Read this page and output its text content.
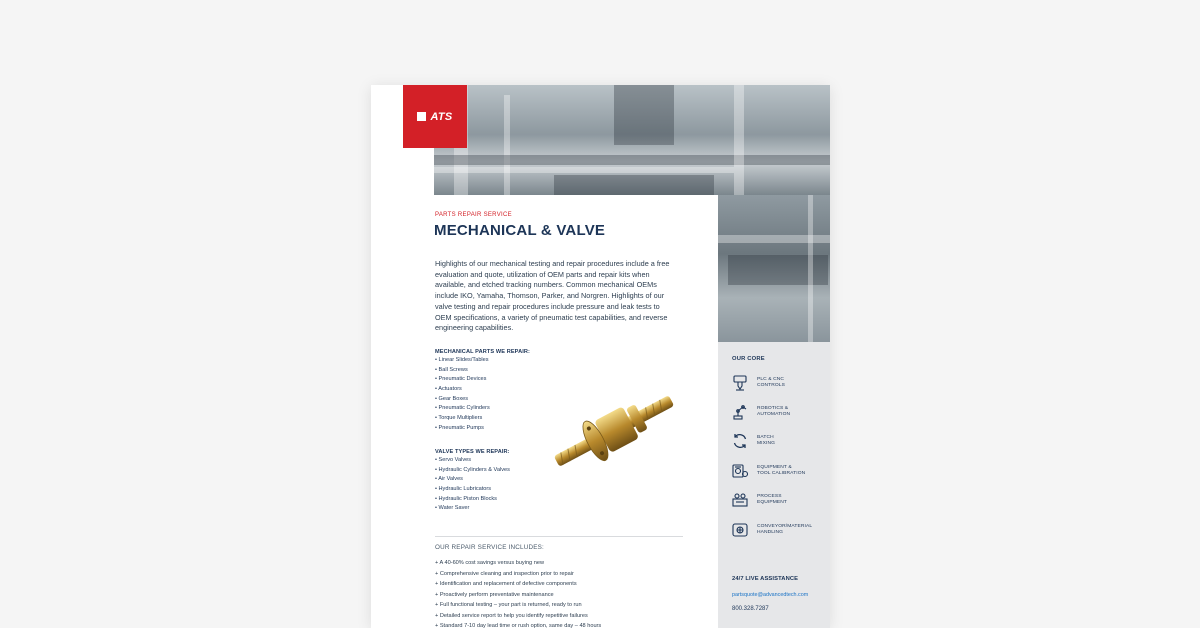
ATS
PARTS REPAIR SERVICE
MECHANICAL & VALVE
Highlights of our mechanical testing and repair procedures include a free evaluation and quote, utilization of OEM parts and repair kits when available, and etched tracking numbers. Common mechanical OEMs include IKO, Yamaha, Thomson, Parker, and Norgren. Highlights of our valve testing and repair procedures include pressure and leak tests to OEM specifications, a variety of pneumatic test capabilities, and reverse engineering capabilities.
MECHANICAL PARTS WE REPAIR:
• Linear Slides/Tables
• Ball Screws
• Pneumatic Devices
• Actuators
• Gear Boxes
• Pneumatic Cylinders
• Torque Multipliers
• Pneumatic Pumps
VALVE TYPES WE REPAIR:
• Servo Valves
• Hydraulic Cylinders & Valves
• Air Valves
• Hydraulic Lubricators
• Hydraulic Piston Blocks
• Water Saver
OUR REPAIR SERVICE INCLUDES:
+ A 40-60% cost savings versus buying new
+ Comprehensive cleaning and inspection prior to repair
+ Identification and replacement of defective components
+ Proactively perform preventative maintenance
+ Full functional testing – your part is returned, ready to run
+ Detailed service report to help you identify repetitive failures
+ Standard 7-10 day lead time or rush option, same day – 48 hours
OUR CORE
PLC & CNC
CONTROLS
ROBOTICS &
AUTOMATION
BATCH
MIXING
EQUIPMENT &
TOOL CALIBRATION
PROCESS
EQUIPMENT
CONVEYOR/MATERIAL
HANDLING
24/7 LIVE ASSISTANCE
partsquote@advancedtech.com
800.328.7287
